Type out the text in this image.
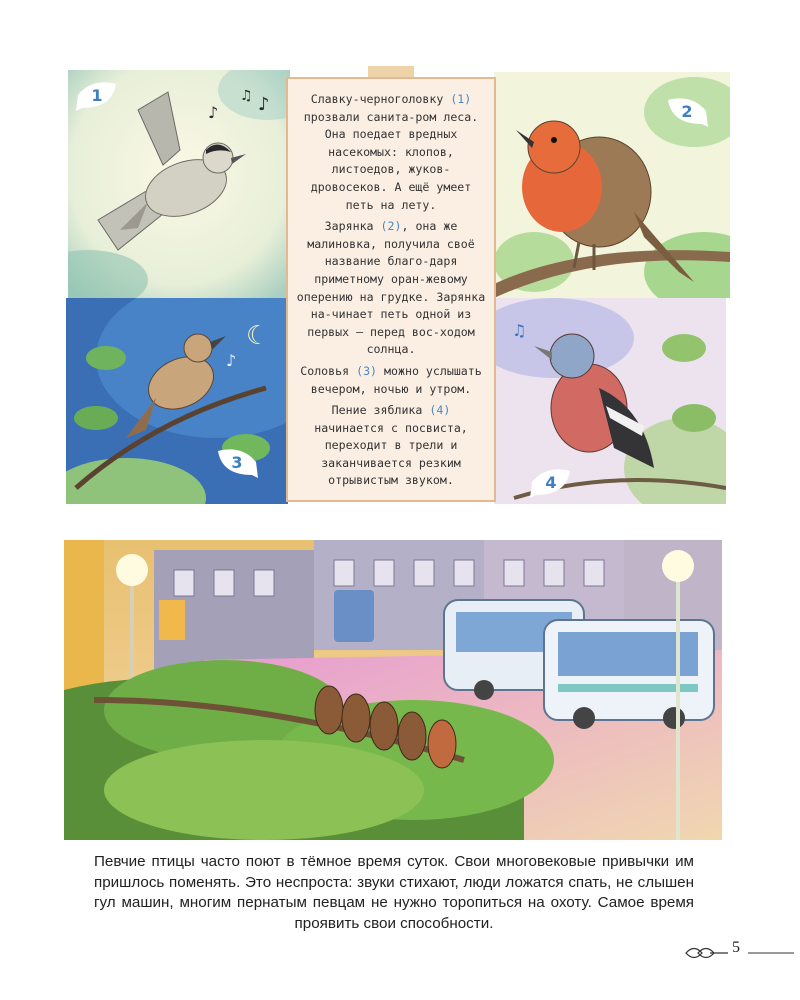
♪
♪
♫
☾
♪
♫
1
2
3
4

Славку-черноголовку (1) прозвали санита-ром леса. Она поедает вредных насекомых: клопов, листоедов, жуков-дровосеков. А ещё умеет петь на лету.

Зарянка (2), она же малиновка, получила своё название благо-даря приметному оран-жевому оперению на грудке. Зарянка на-чинает петь одной из первых — перед вос-ходом солнца.

Соловья (3) можно услышать вечером, ночью и утром.

Пение зяблика (4) начинается с посвиста, переходит в трели и заканчивается резким отрывистым звуком.

Певчие птицы часто поют в тёмное время суток. Свои многовековые привычки им пришлось поменять. Это неспроста: звуки стихают, люди ложатся спать, не слышен гул машин, многим пернатым певцам не нужно торопиться на охоту. Самое время проявить свои способности.
5
